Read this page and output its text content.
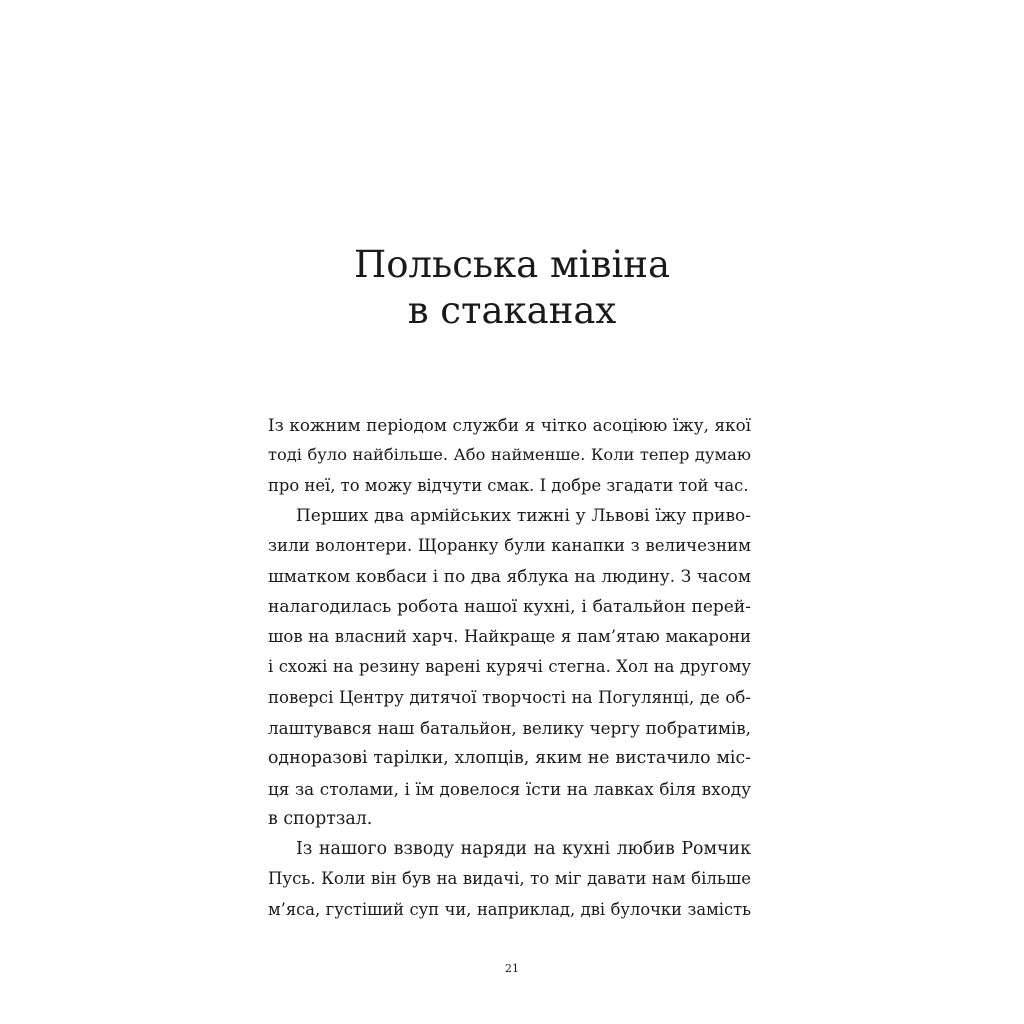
Польська мівіна
в стаканах
Із кожним періодом служби я чітко асоціюю їжу, якої
тоді було найбільше. Або найменше. Коли тепер думаю
про неї, то можу відчути смак. І добре згадати той час.
Перших два армійських тижні у Львові їжу приво-
зили волонтери. Щоранку були канапки з величезним
шматком ковбаси і по два яблука на людину. З часом
налагодилась робота нашої кухні, і батальйон перей-
шов на власний харч. Найкраще я пам’ятаю макарони
і схожі на резину варені курячі стегна. Хол на другому
поверсі Центру дитячої творчості на Погулянці, де об-
лаштувався наш батальйон, велику чергу побратимів,
одноразові тарілки, хлопців, яким не вистачило міс-
ця за столами, і їм довелося їсти на лавках біля входу
в спортзал.
Із нашого взводу наряди на кухні любив Ромчик
Пусь. Коли він був на видачі, то міг давати нам більше
м’яса, густіший суп чи, наприклад, дві булочки замість
21
